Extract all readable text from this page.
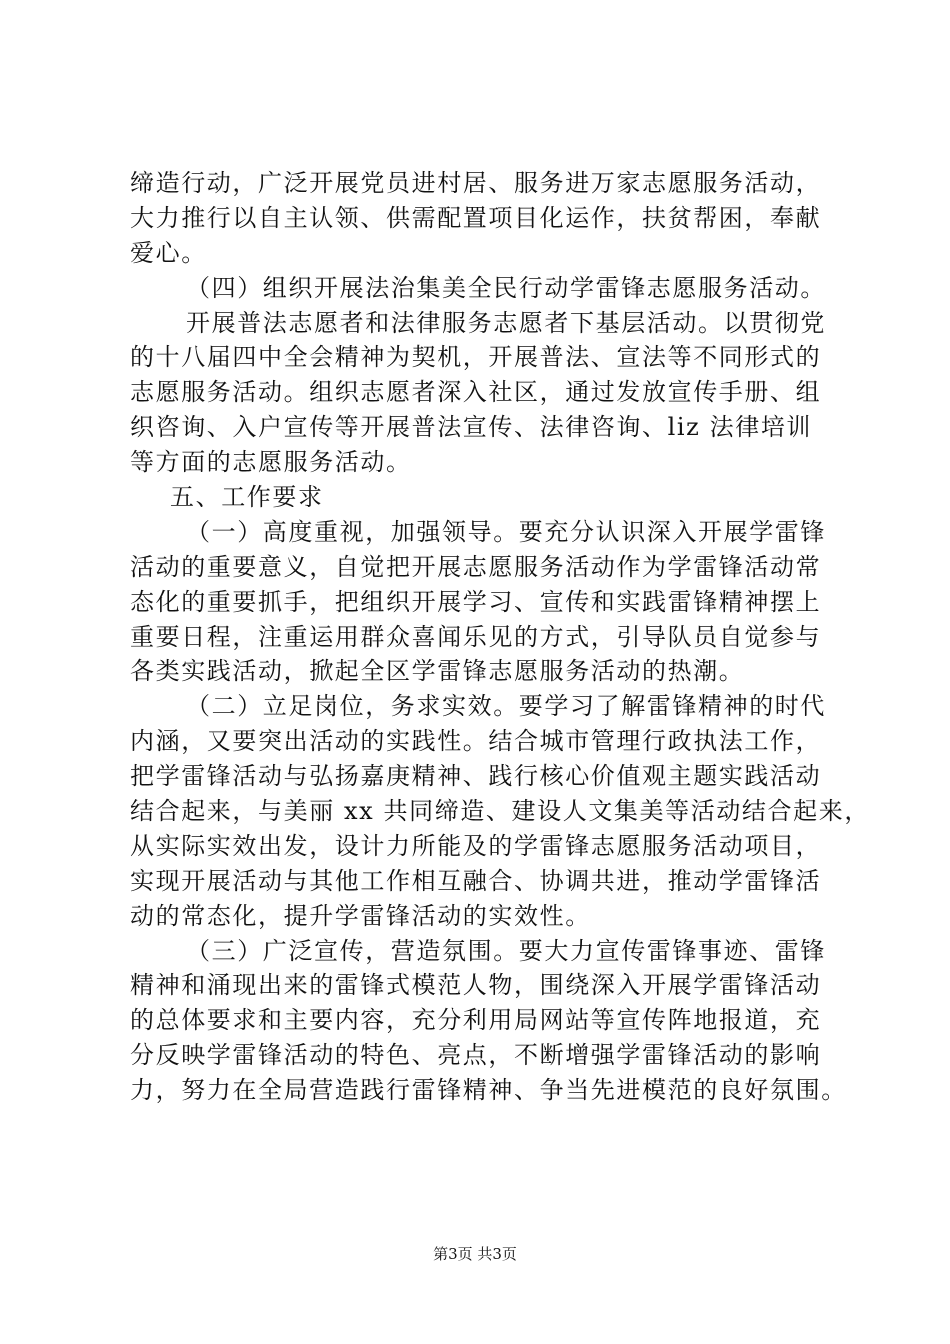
缔造行动，广泛开展党员进村居、服务进万家志愿服务活动，
大力推行以自主认领、供需配置项目化运作，扶贫帮困，奉献
爱心。
（四）组织开展法治集美全民行动学雷锋志愿服务活动。
开展普法志愿者和法律服务志愿者下基层活动。以贯彻党
的十八届四中全会精神为契机，开展普法、宣法等不同形式的
志愿服务活动。组织志愿者深入社区，通过发放宣传手册、组
织咨询、入户宣传等开展普法宣传、法律咨询、liz 法律培训
等方面的志愿服务活动。
五、工作要求
（一）高度重视，加强领导。要充分认识深入开展学雷锋
活动的重要意义，自觉把开展志愿服务活动作为学雷锋活动常
态化的重要抓手，把组织开展学习、宣传和实践雷锋精神摆上
重要日程，注重运用群众喜闻乐见的方式，引导队员自觉参与
各类实践活动，掀起全区学雷锋志愿服务活动的热潮。
（二）立足岗位，务求实效。要学习了解雷锋精神的时代
内涵，又要突出活动的实践性。结合城市管理行政执法工作，
把学雷锋活动与弘扬嘉庚精神、践行核心价值观主题实践活动
结合起来，与美丽 xx 共同缔造、建设人文集美等活动结合起来，
从实际实效出发，设计力所能及的学雷锋志愿服务活动项目，
实现开展活动与其他工作相互融合、协调共进，推动学雷锋活
动的常态化，提升学雷锋活动的实效性。
（三）广泛宣传，营造氛围。要大力宣传雷锋事迹、雷锋
精神和涌现出来的雷锋式模范人物，围绕深入开展学雷锋活动
的总体要求和主要内容，充分利用局网站等宣传阵地报道，充
分反映学雷锋活动的特色、亮点，不断增强学雷锋活动的影响
力，努力在全局营造践行雷锋精神、争当先进模范的良好氛围。
第3页 共3页
